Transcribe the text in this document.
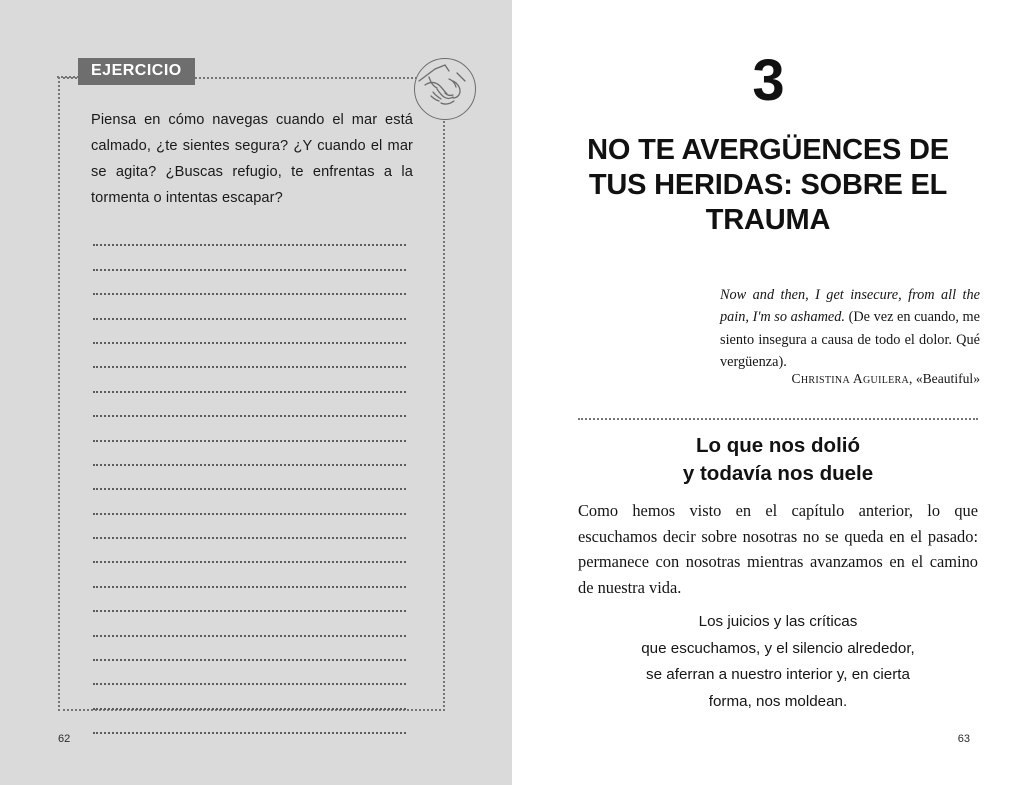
EJERCICIO
Piensa en cómo navegas cuando el mar está calmado, ¿te sientes segura? ¿Y cuando el mar se agita? ¿Buscas refugio, te enfrentas a la tormenta o intentas escapar?
62
3
NO TE AVERGÜENCES DE TUS HERIDAS: SOBRE EL TRAUMA
Now and then, I get insecure, from all the pain, I'm so ashamed. (De vez en cuando, me siento insegura a causa de todo el dolor. Qué vergüenza).
Christina Aguilera, «Beautiful»
Lo que nos dolió
y todavía nos duele
Como hemos visto en el capítulo anterior, lo que escuchamos decir sobre nosotras no se queda en el pasado: permanece con nosotras mientras avanzamos en el camino de nuestra vida.
Los juicios y las críticas
que escuchamos, y el silencio alrededor,
se aferran a nuestro interior y, en cierta
forma, nos moldean.
63
